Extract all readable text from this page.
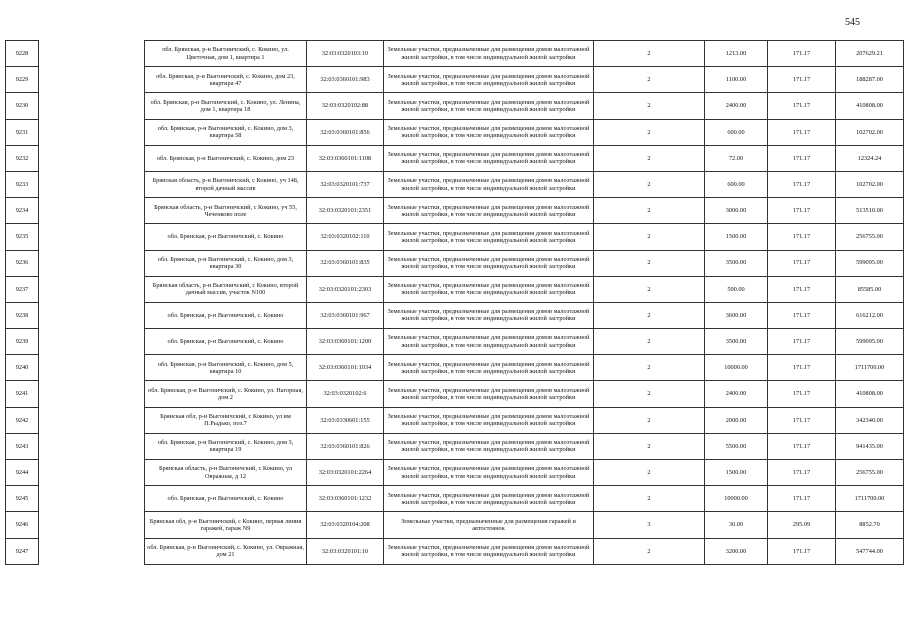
545
9228		обл. Брянская, р-н Выгоничский, с. Кокино, ул. Цветочная, дом 1, квартира 1	32:03:0320103:10	Земельные участки, предназначенные для размещения домов малоэтажной жилой застройки, в том числе индивидуальной жилой застройки	2	1213.00	171.17	207629.21
9229		обл. Брянская, р-н Выгоничский, с. Кокино, дом 23, квартира 47	32:03:0360101:983	Земельные участки, предназначенные для размещения домов малоэтажной жилой застройки, в том числе индивидуальной жилой застройки	2	1100.00	171.17	188287.00
9230		обл. Брянская, р-н Выгоничский, с. Кокино, ул. Ленина, дом 1, квартира 18	32:03:0320102:88	Земельные участки, предназначенные для размещения домов малоэтажной жилой застройки, в том числе индивидуальной жилой застройки	2	2400.00	171.17	410808.00
9231		обл. Брянская, р-н Выгоничский, с. Кокино, дом 3, квартира 58	32:03:0360101:856	Земельные участки, предназначенные для размещения домов малоэтажной жилой застройки, в том числе индивидуальной жилой застройки	2	600.00	171.17	102702.00
9232		обл. Брянская, р-н Выгоничский, с. Кокино, дом 23	32:03:0360101:1108	Земельные участки, предназначенные для размещения домов малоэтажной жилой застройки, в том числе индивидуальной жилой застройки	2	72.00	171.17	12324.24
9233		Брянская область, р-н Выгоничский, с Кокино, уч 148, второй дачный массив	32:03:0320101:737	Земельные участки, предназначенные для размещения домов малоэтажной жилой застройки, в том числе индивидуальной жилой застройки	2	600.00	171.17	102702.00
9234		Брянская область, р-н Выгоничский, с Кокино, уч 55, Чеченково поле	32:03:0320101:2351	Земельные участки, предназначенные для размещения домов малоэтажной жилой застройки, в том числе индивидуальной жилой застройки	2	3000.00	171.17	513510.00
9235		обл. Брянская, р-н Выгоничский, с. Кокино	32:03:0320102:110	Земельные участки, предназначенные для размещения домов малоэтажной жилой застройки, в том числе индивидуальной жилой застройки	2	1500.00	171.17	256755.00
9236		обл. Брянская, р-н Выгоничский, с. Кокино, дом 3, квартира 30	32:03:0360101:835	Земельные участки, предназначенные для размещения домов малоэтажной жилой застройки, в том числе индивидуальной жилой застройки	2	3500.00	171.17	599095.00
9237		Брянская область, р-н Выгоничский, с Кокино, второй дачный массив, участок N100	32:03:0320101:2303	Земельные участки, предназначенные для размещения домов малоэтажной жилой застройки, в том числе индивидуальной жилой застройки	2	500.00	171.17	85585.00
9238		обл. Брянская, р-н Выгоничский, с. Кокино	32:03:0360101:967	Земельные участки, предназначенные для размещения домов малоэтажной жилой застройки, в том числе индивидуальной жилой застройки	2	3600.00	171.17	616212.00
9239		обл. Брянская, р-н Выгоничский, с. Кокино	32:03:0360101:1200	Земельные участки, предназначенные для размещения домов малоэтажной жилой застройки, в том числе индивидуальной жилой застройки	2	3500.00	171.17	599095.00
9240		обл. Брянская, р-н Выгоничский, с. Кокино, дом 5, квартира 10	32:03:0360101:1034	Земельные участки, предназначенные для размещения домов малоэтажной жилой застройки, в том числе индивидуальной жилой застройки	2	10000.00	171.17	1711700.00
9241		обл. Брянская, р-н Выгоничский, с. Кокино, ул. Нагорная, дом 2	32:03:0320102:6	Земельные участки, предназначенные для размещения домов малоэтажной жилой застройки, в том числе индивидуальной жилой застройки	2	2400.00	171.17	410808.00
9242		Брянская обл, р-н Выгоничский, с Кокино, ул им П.Рыдько, поз.7	32:03:0330601:155	Земельные участки, предназначенные для размещения домов малоэтажной жилой застройки, в том числе индивидуальной жилой застройки	2	2000.00	171.17	342340.00
9243		обл. Брянская, р-н Выгоничский, с. Кокино, дом 3, квартира 19	32:03:0360101:826	Земельные участки, предназначенные для размещения домов малоэтажной жилой застройки, в том числе индивидуальной жилой застройки	2	5500.00	171.17	941435.00
9244		Брянская область, р-н Выгоничский, с Кокино, ул Овражная, д 12	32:03:0320101:2264	Земельные участки, предназначенные для размещения домов малоэтажной жилой застройки, в том числе индивидуальной жилой застройки	2	1500.00	171.17	256755.00
9245		обл. Брянская, р-н Выгоничский, с. Кокино	32:03:0360101:1232	Земельные участки, предназначенные для размещения домов малоэтажной жилой застройки, в том числе индивидуальной жилой застройки	2	10000.00	171.17	1711700.00
9246		Брянская обл, р-н Выгоничский, с Кокино, первая линия гаражей, гараж N9	32:03:0320104:208	Земельные участки, предназначенные для размещения гаражей и автостоянок	3	30.00	295.09	8852.70
9247		обл. Брянская, р-н Выгоничский, с. Кокино, ул. Овражная, дом 21	32:03:0320101:10	Земельные участки, предназначенные для размещения домов малоэтажной жилой застройки, в том числе индивидуальной жилой застройки	2	3200.00	171.17	547744.00
